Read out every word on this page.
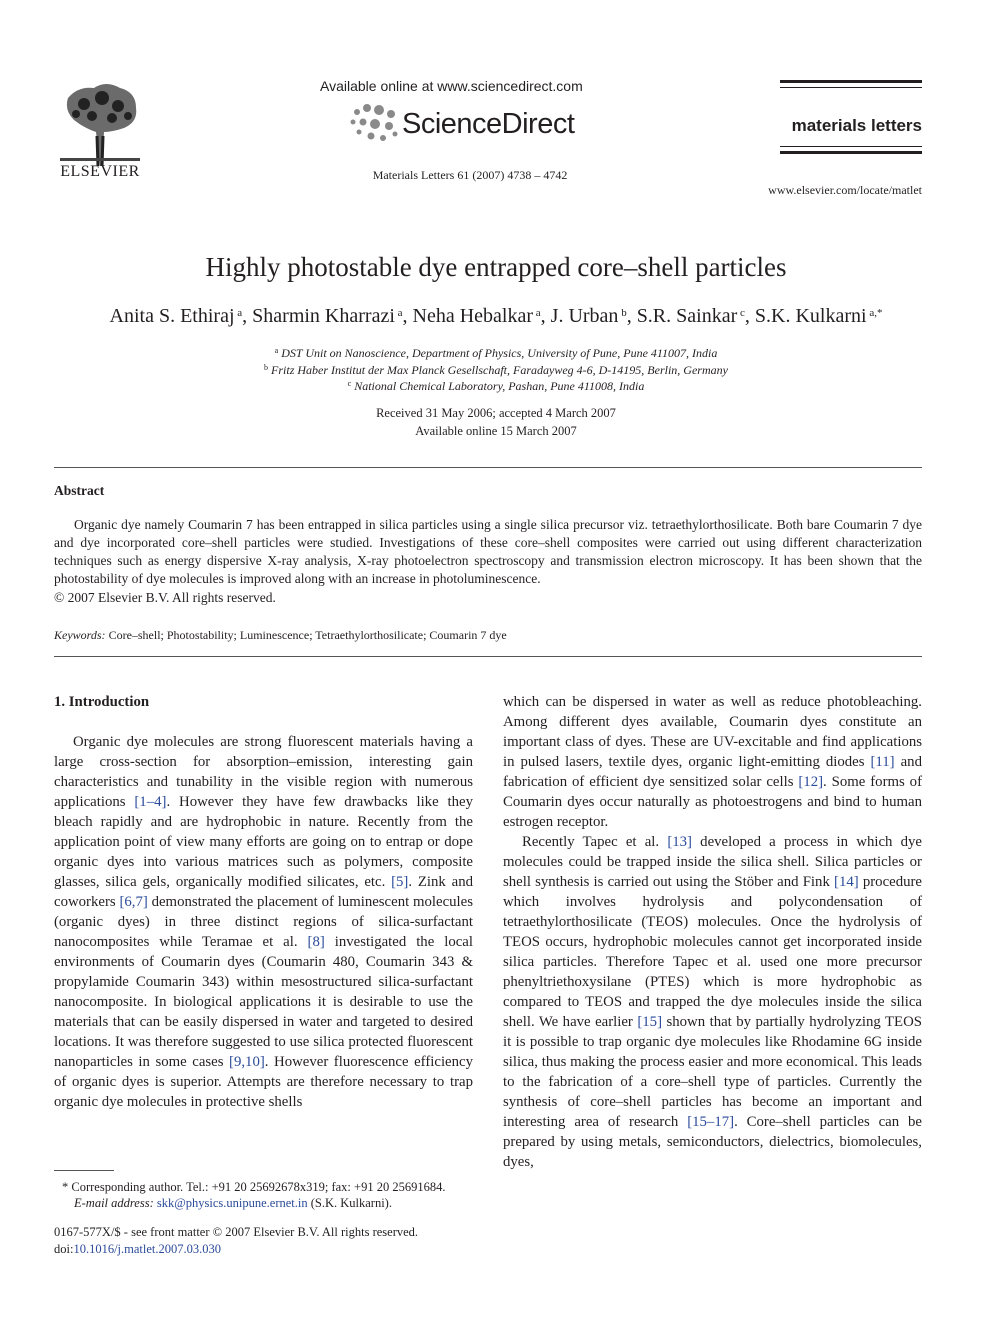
ELSEVIER
Available online at www.sciencedirect.com
ScienceDirect
Materials Letters 61 (2007) 4738 – 4742
materials letters
www.elsevier.com/locate/matlet
Highly photostable dye entrapped core–shell particles
Anita S. Ethiraj $^a$, Sharmin Kharrazi $^a$, Neha Hebalkar $^a$, J. Urban $^b$, S.R. Sainkar $^c$, S.K. Kulkarni $^{a,*}$
$^a$ DST Unit on Nanoscience, Department of Physics, University of Pune, Pune 411007, India
$^b$ Fritz Haber Institut der Max Planck Gesellschaft, Faradayweg 4-6, D-14195, Berlin, Germany
$^c$ National Chemical Laboratory, Pashan, Pune 411008, India
Received 31 May 2006; accepted 4 March 2007
Available online 15 March 2007
Abstract
Organic dye namely Coumarin 7 has been entrapped in silica particles using a single silica precursor viz. tetraethylorthosilicate. Both bare Coumarin 7 dye and dye incorporated core–shell particles were studied. Investigations of these core–shell composites were carried out using different characterization techniques such as energy dispersive X-ray analysis, X-ray photoelectron spectroscopy and transmission electron microscopy. It has been shown that the photostability of dye molecules is improved along with an increase in photoluminescence.
© 2007 Elsevier B.V. All rights reserved.
Keywords: Core–shell; Photostability; Luminescence; Tetraethylorthosilicate; Coumarin 7 dye

1. Introduction

Organic dye molecules are strong fluorescent materials having a large cross-section for absorption–emission, interesting gain characteristics and tunability in the visible region with numerous applications [1–4]. However they have few drawbacks like they bleach rapidly and are hydrophobic in nature. Recently from the application point of view many efforts are going on to entrap or dope organic dyes into various matrices such as polymers, composite glasses, silica gels, organically modified silicates, etc. [5]. Zink and coworkers [6,7] demonstrated the placement of luminescent molecules (organic dyes) in three distinct regions of silica-surfactant nanocomposites while Teramae et al. [8] investigated the local environments of Coumarin dyes (Coumarin 480, Coumarin 343 & propylamide Coumarin 343) within mesostructured silica-surfactant nanocomposite. In biological applications it is desirable to use the materials that can be easily dispersed in water and targeted to desired locations. It was therefore suggested to use silica protected fluorescent nanoparticles in some cases [9,10]. However fluorescence efficiency of organic dyes is superior. Attempts are therefore necessary to trap organic dye molecules in protective shells

which can be dispersed in water as well as reduce photobleaching. Among different dyes available, Coumarin dyes constitute an important class of dyes. These are UV-excitable and find applications in pulsed lasers, textile dyes, organic light-emitting diodes [11] and fabrication of efficient dye sensitized solar cells [12]. Some forms of Coumarin dyes occur naturally as photoestrogens and bind to human estrogen receptor.

Recently Tapec et al. [13] developed a process in which dye molecules could be trapped inside the silica shell. Silica particles or shell synthesis is carried out using the Stöber and Fink [14] procedure which involves hydrolysis and polycondensation of tetraethylorthosilicate (TEOS) molecules. Once the hydrolysis of TEOS occurs, hydrophobic molecules cannot get incorporated inside silica particles. Therefore Tapec et al. used one more precursor phenyltriethoxysilane (PTES) which is more hydrophobic as compared to TEOS and trapped the dye molecules inside the silica shell. We have earlier [15] shown that by partially hydrolyzing TEOS it is possible to trap organic dye molecules like Rhodamine 6G inside silica, thus making the process easier and more economical. This leads to the fabrication of a core–shell type of particles. Currently the synthesis of core–shell particles has become an important and interesting area of research [15–17]. Core–shell particles can be prepared by using metals, semiconductors, dielectrics, biomolecules, dyes,

* Corresponding author. Tel.: +91 20 25692678x319; fax: +91 20 25691684.
E-mail address: skk@physics.unipune.ernet.in (S.K. Kulkarni).
0167-577X/$ - see front matter © 2007 Elsevier B.V. All rights reserved.
doi:10.1016/j.matlet.2007.03.030
